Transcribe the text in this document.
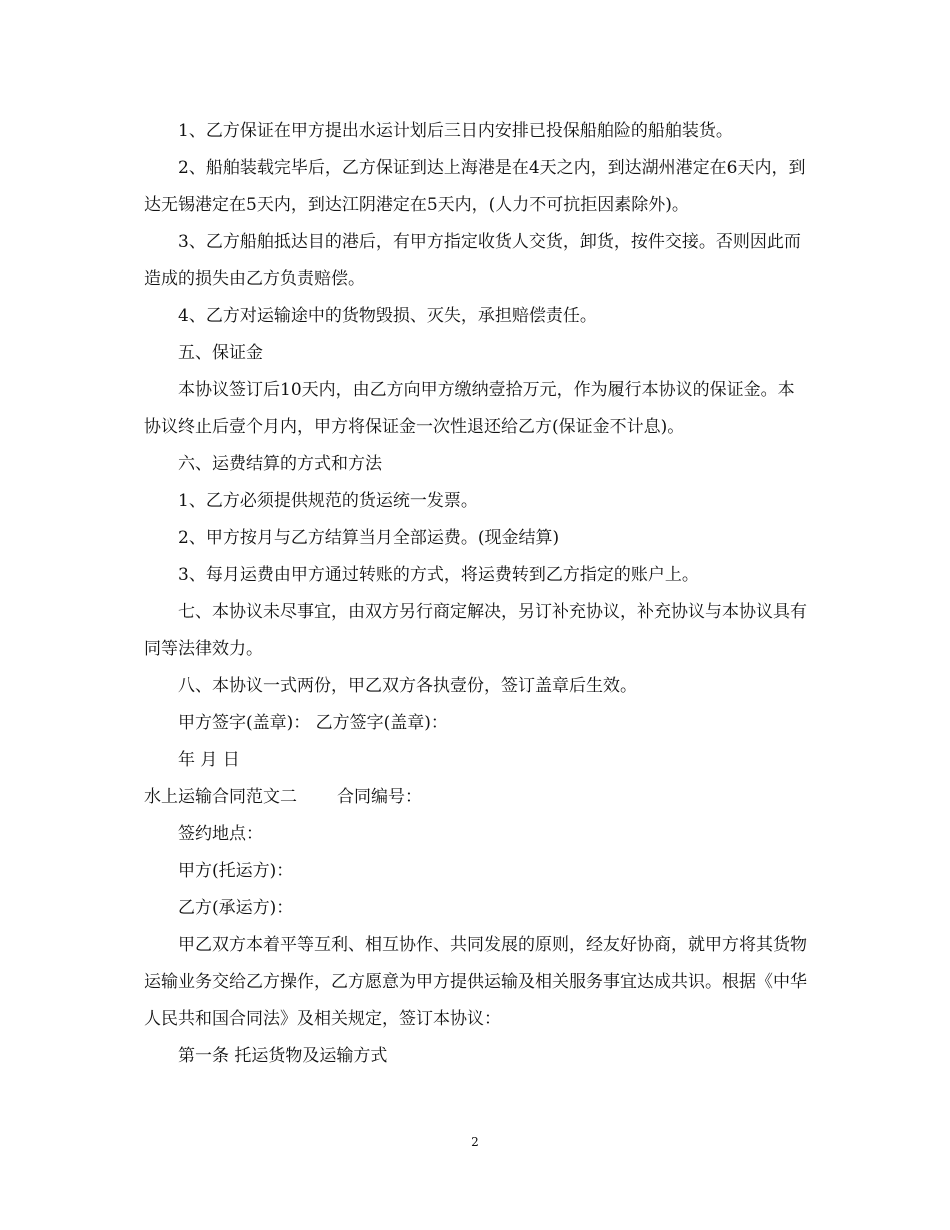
1、乙方保证在甲方提出水运计划后三日内安排已投保船舶险的船舶装货。

2、船舶装载完毕后，乙方保证到达上海港是在4天之内，到达湖州港定在6天内，到达无锡港定在5天内，到达江阴港定在5天内，(人力不可抗拒因素除外)。

3、乙方船舶抵达目的港后，有甲方指定收货人交货，卸货，按件交接。否则因此而造成的损失由乙方负责赔偿。

4、乙方对运输途中的货物毁损、灭失，承担赔偿责任。

五、保证金

本协议签订后10天内，由乙方向甲方缴纳壹拾万元，作为履行本协议的保证金。本协议终止后壹个月内，甲方将保证金一次性退还给乙方(保证金不计息)。

六、运费结算的方式和方法

1、乙方必须提供规范的货运统一发票。

2、甲方按月与乙方结算当月全部运费。(现金结算)

3、每月运费由甲方通过转账的方式，将运费转到乙方指定的账户上。

七、本协议未尽事宜，由双方另行商定解决，另订补充协议，补充协议与本协议具有同等法律效力。

八、本协议一式两份，甲乙双方各执壹份，签订盖章后生效。

甲方签字(盖章)： 乙方签字(盖章)：

年 月 日

水上运输合同范文二 合同编号：

签约地点：

甲方(托运方)：

乙方(承运方)：

甲乙双方本着平等互利、相互协作、共同发展的原则，经友好协商，就甲方将其货物运输业务交给乙方操作，乙方愿意为甲方提供运输及相关服务事宜达成共识。根据《中华人民共和国合同法》及相关规定，签订本协议：

第一条 托运货物及运输方式

2
